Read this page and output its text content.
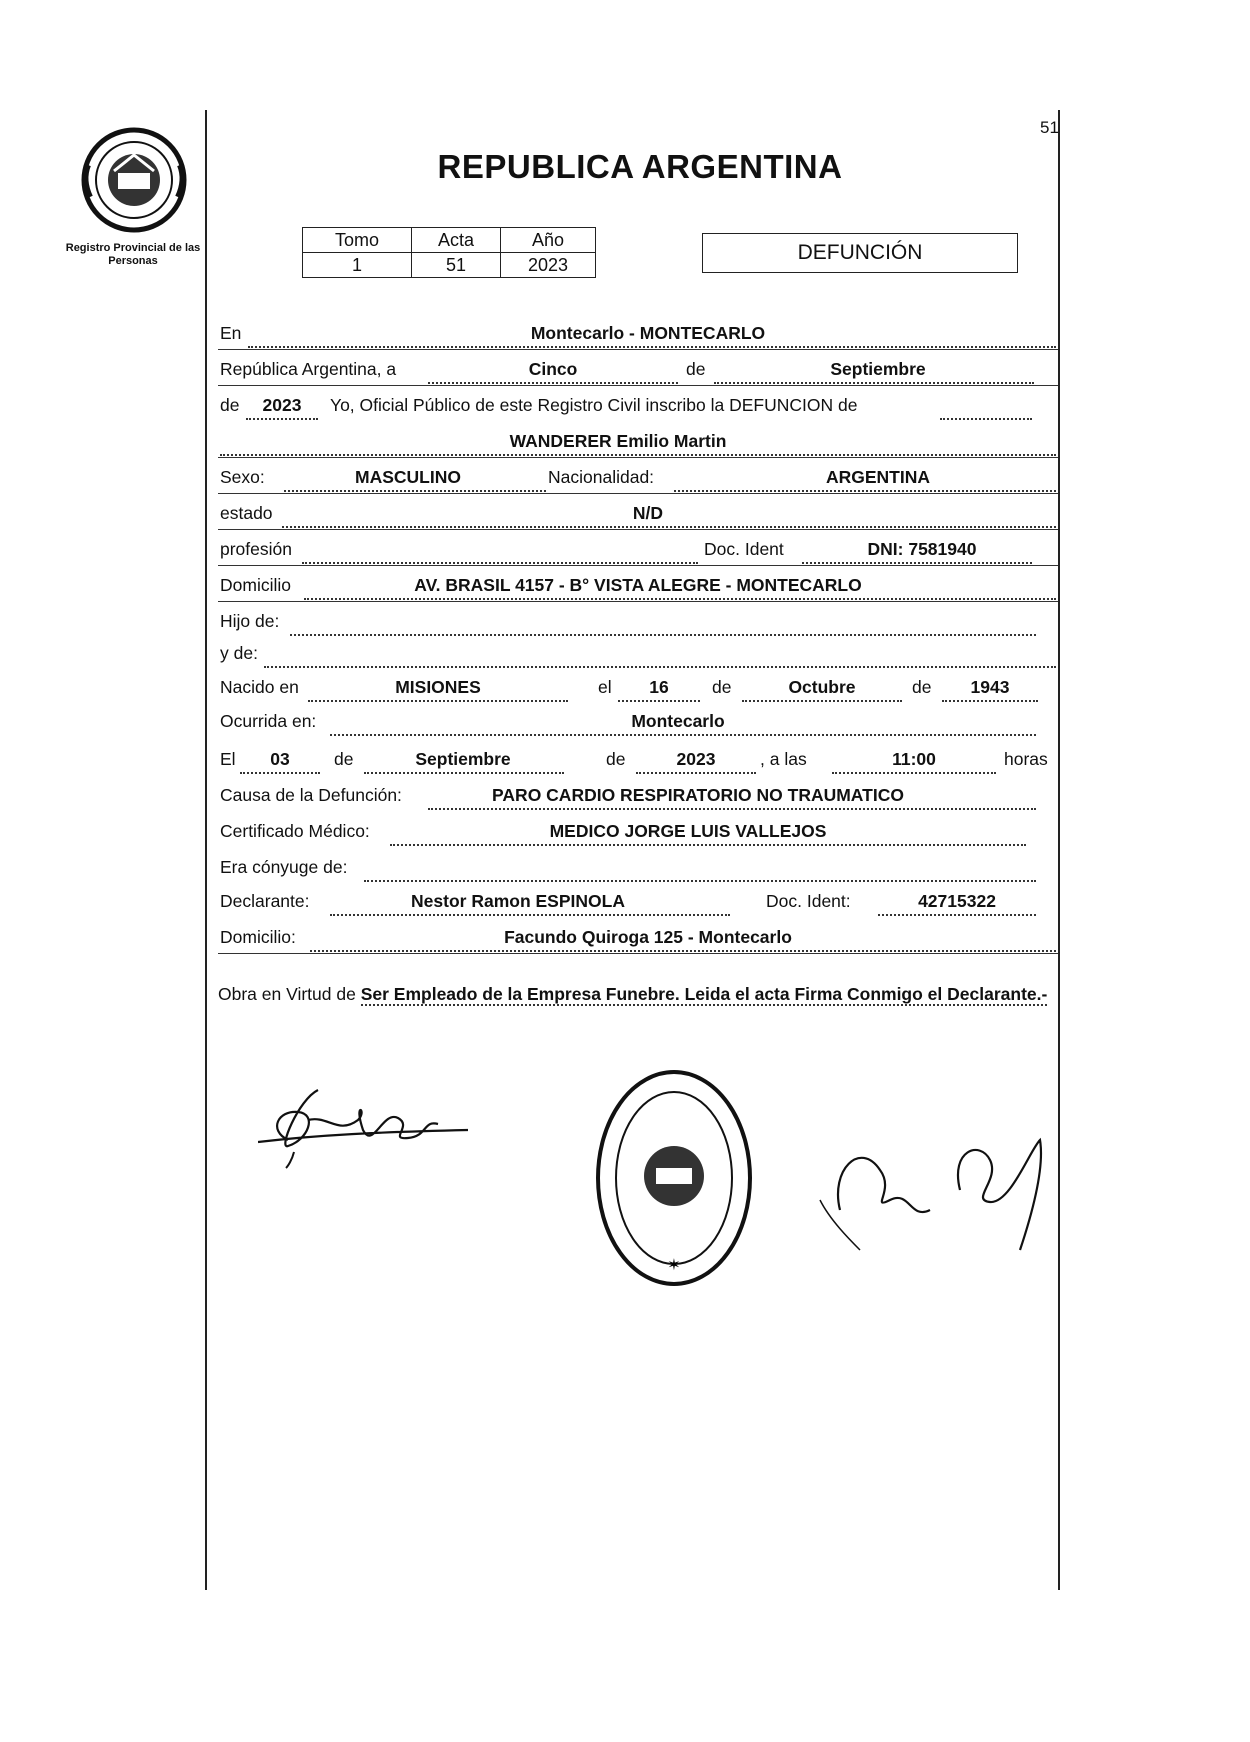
Registro Provincial de las Personas
51
REPUBLICA ARGENTINA
Tomo	Acta	Año
1	51	2023
DEFUNCIÓN
En	Montecarlo - MONTECARLO
República Argentina, a	Cinco	de	Septiembre
de	2023	Yo, Oficial Público de este Registro Civil inscribo la DEFUNCION de
WANDERER Emilio Martin
Sexo:	MASCULINO	Nacionalidad:	ARGENTINA
estado	N/D
profesión	Doc. Ident	DNI: 7581940
Domicilio	AV. BRASIL 4157 - B° VISTA ALEGRE - MONTECARLO
Hijo de:
y de:
Nacido en	MISIONES	el	16	de	Octubre	de	1943
Ocurrida en:	Montecarlo
El	03	de	Septiembre	de	2023	, a las	11:00	horas
Causa de la Defunción:	PARO CARDIO RESPIRATORIO NO TRAUMATICO
Certificado Médico:	MEDICO JORGE LUIS VALLEJOS
Era cónyuge de:
Declarante:	Nestor Ramon ESPINOLA	Doc. Ident:	42715322
Domicilio:	Facundo Quiroga 125 - Montecarlo
Obra en Virtud de Ser Empleado de la Empresa Funebre. Leida el acta Firma Conmigo el Declarante.-
✶
